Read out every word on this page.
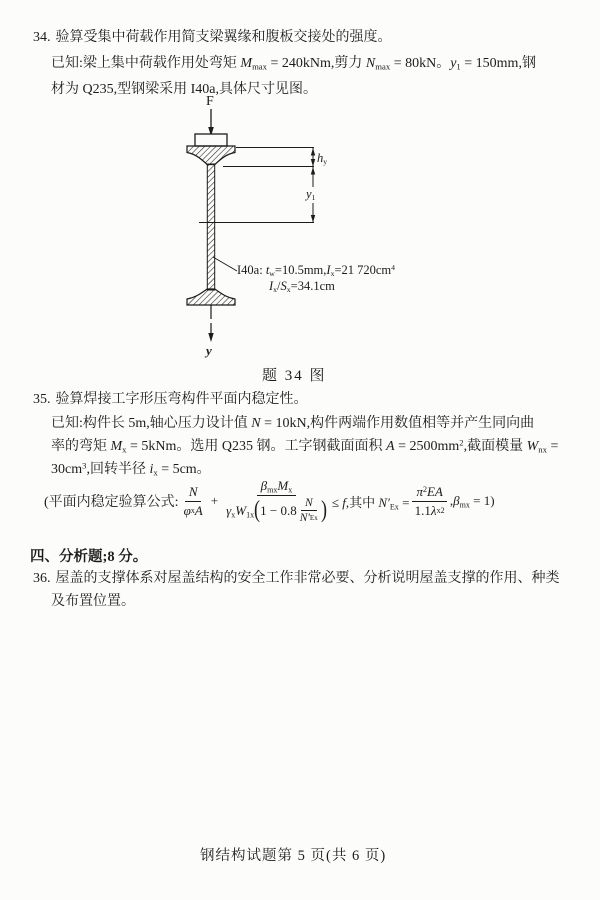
34. 验算受集中荷载作用简支梁翼缘和腹板交接处的强度。
已知:梁上集中荷载作用处弯矩 $M_{max} = 240kNm$,剪力 $N_{max} = 80kN$。$y_1 = 150mm$,钢
材为 Q235,型钢梁采用 I40a,具体尺寸见图。
F
$h_y$
$y_1$
I40a: $t_w=10.5mm,I_x=21$ $720cm^4$
$I_x/S_x=34.1cm$
y
题 34 图
35. 验算焊接工字形压弯构件平面内稳定性。
已知:构件长 5m,轴心压力设计值 N = 10kN,构件两端作用数值相等并产生同向曲
率的弯矩 $M_x = 5kNm$。选用 Q235 钢。工字钢截面面积 $A = 2500mm^2$,截面模量 $W_{nx}$ =
$30cm^3$,回转半径 $i_x = 5cm$。
(平面内稳定验算公式: $\frac{N}{\text{φ x A}}$ +
$\beta_{mx}M_x$
$\gamma_xW_{1x}$ ( $1 - 0.8 \frac{N}{N' Ex}$ ) ≤ f,其中 $N'_{Ex} = \frac{\pi^2EA}{\text{1.1 λ x 2}} ,\beta_{mx} = 1$)
四、分析题;8 分。
36. 屋盖的支撑体系对屋盖结构的安全工作非常必要、分析说明屋盖支撑的作用、种类
及布置位置。
钢结构试题第 5 页(共 6 页)
